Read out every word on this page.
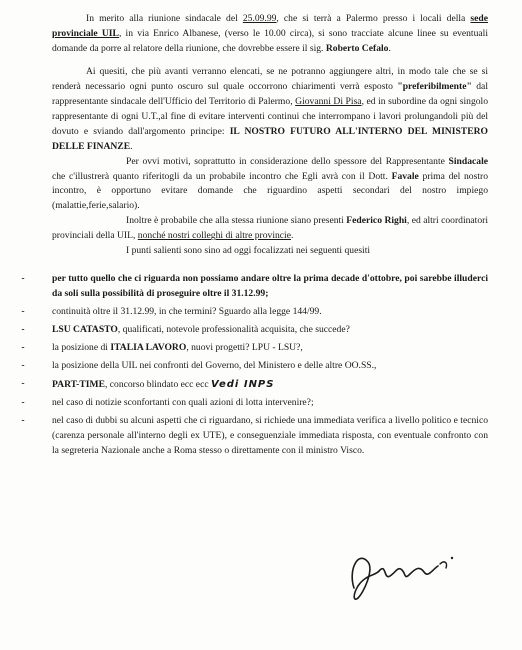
In merito alla riunione sindacale del 25.09.99, che si terrà a Palermo presso i locali della sede provinciale UIL, in via Enrico Albanese, (verso le 10.00 circa), si sono tracciate alcune linee su eventuali domande da porre al relatore della riunione, che dovrebbe essere il sig. Roberto Cefalo.

Ai quesiti, che più avanti verranno elencati, se ne potranno aggiungere altri, in modo tale che se si renderà necessario ogni punto oscuro sul quale occorrono chiarimenti verrà esposto "preferibilmente" dal rappresentante sindacale dell'Ufficio del Territorio di Palermo, Giovanni Di Pisa, ed in subordine da ogni singolo rappresentante di ogni U.T.,al fine di evitare interventi continui che interrompano i lavori prolungandoli più del dovuto e sviando dall'argomento principe: IL NOSTRO FUTURO ALL'INTERNO DEL MINISTERO DELLE FINANZE.

Per ovvi motivi, soprattutto in considerazione dello spessore del Rappresentante Sindacale che c'illustrerà quanto riferitogli da un probabile incontro che Egli avrà con il Dott. Favale prima del nostro incontro, è opportuno evitare domande che riguardino aspetti secondari del nostro impiego (malattie,ferie,salario).

Inoltre è probabile che alla stessa riunione siano presenti Federico Righi, ed altri coordinatori provinciali della UIL, nonché nostri colleghi di altre provincie.

I punti salienti sono sino ad oggi focalizzati nei seguenti quesiti

-	per tutto quello che ci riguarda non possiamo andare oltre la prima decade d'ottobre, poi sarebbe illuderci da soli sulla possibilità di proseguire oltre il 31.12.99;
-	continuità oltre il 31.12.99, in che termini? Sguardo alla legge 144/99.
-	LSU CATASTO, qualificati, notevole professionalità acquisita, che succede?
-	la posizione di ITALIA LAVORO, nuovi progetti? LPU - LSU?,
-	la posizione della UIL nei confronti del Governo, del Ministero e delle altre OO.SS.,
-	PART-TIME, concorso blindato ecc ecc Vedi INPS
-	nel caso di notizie sconfortanti con quali azioni di lotta intervenire?;
-	nel caso di dubbi su alcuni aspetti che ci riguardano, si richiede una immediata verifica a livello politico e tecnico (carenza personale all'interno degli ex UTE), e conseguenziale immediata risposta, con eventuale confronto con la segreteria Nazionale anche a Roma stesso o direttamente con il ministro Visco.
